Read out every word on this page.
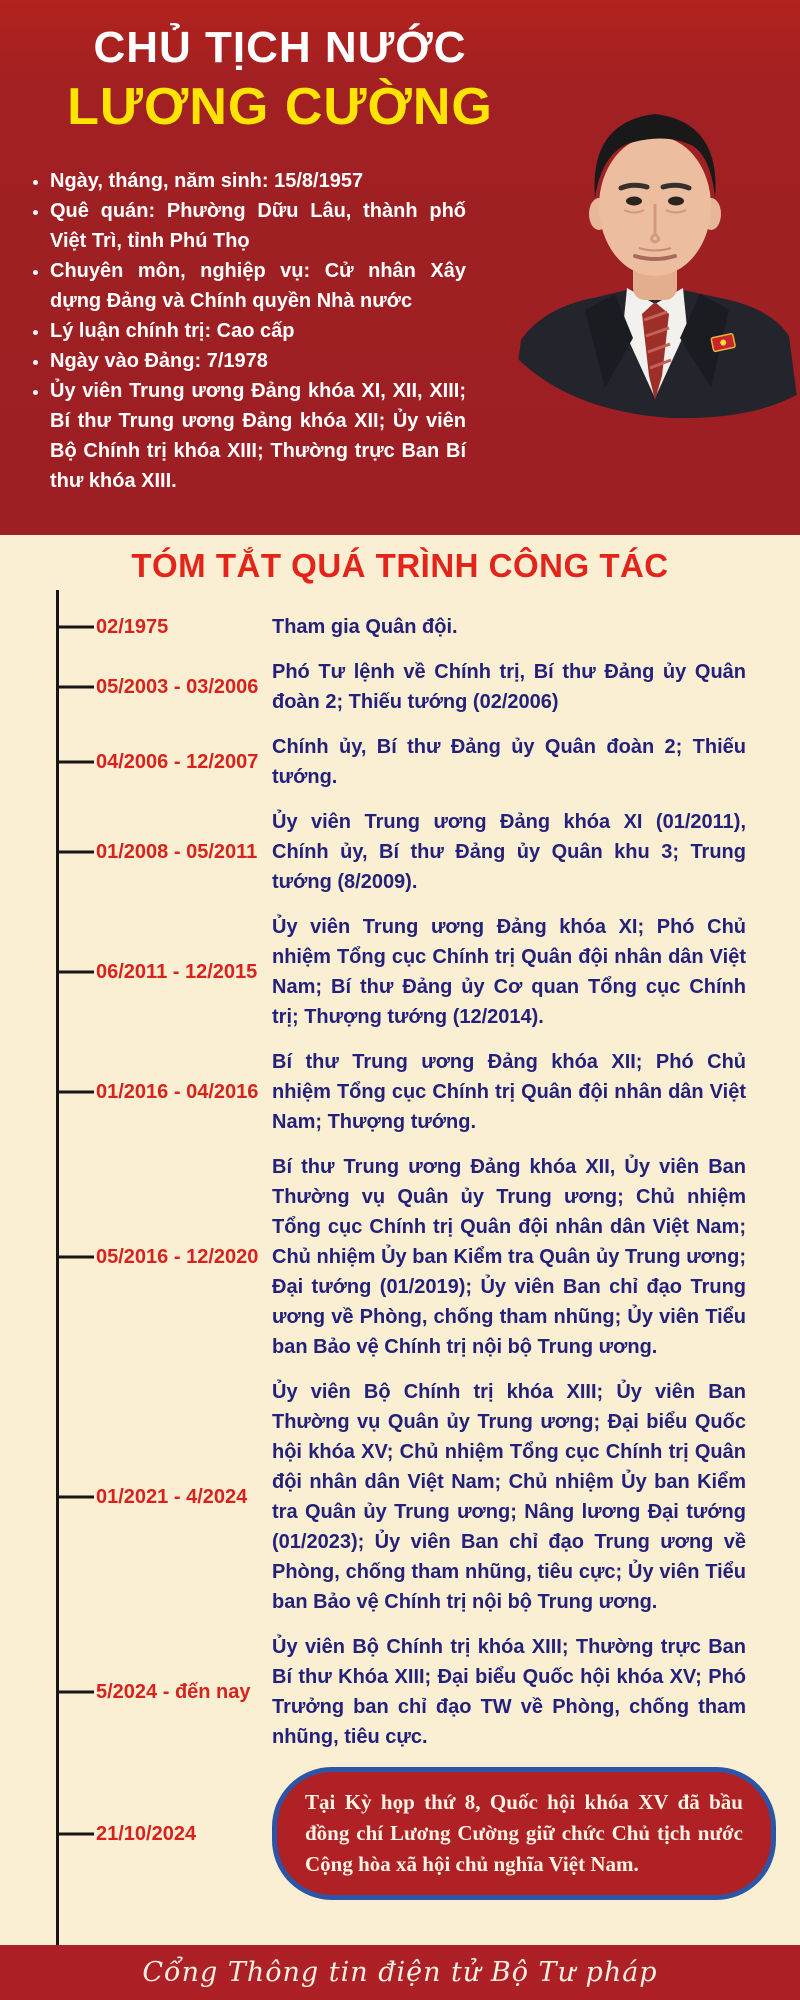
CHỦ TỊCH NƯỚC
LƯƠNG CƯỜNG
• Ngày, tháng, năm sinh: 15/8/1957
• Quê quán: Phường Dữu Lâu, thành phố Việt Trì, tỉnh Phú Thọ
• Chuyên môn, nghiệp vụ: Cử nhân Xây dựng Đảng và Chính quyền Nhà nước
• Lý luận chính trị: Cao cấp
• Ngày vào Đảng: 7/1978
• Ủy viên Trung ương Đảng khóa XI, XII, XIII; Bí thư Trung ương Đảng khóa XII; Ủy viên Bộ Chính trị khóa XIII; Thường trực Ban Bí thư khóa XIII.
TÓM TẮT QUÁ TRÌNH CÔNG TÁC
02/1975	Tham gia Quân đội.
05/2003 - 03/2006
Phó Tư lệnh về Chính trị, Bí thư Đảng ủy Quân đoàn 2; Thiếu tướng (02/2006)
04/2006 - 12/2007
Chính ủy, Bí thư Đảng ủy Quân đoàn 2; Thiếu tướng.
01/2008 - 05/2011
Ủy viên Trung ương Đảng khóa XI (01/2011), Chính ủy, Bí thư Đảng ủy Quân khu 3; Trung tướng (8/2009).
06/2011 - 12/2015
Ủy viên Trung ương Đảng khóa XI; Phó Chủ nhiệm Tổng cục Chính trị Quân đội nhân dân Việt Nam; Bí thư Đảng ủy Cơ quan Tổng cục Chính trị; Thượng tướng (12/2014).
01/2016 - 04/2016
Bí thư Trung ương Đảng khóa XII; Phó Chủ nhiệm Tổng cục Chính trị Quân đội nhân dân Việt Nam; Thượng tướng.
05/2016 - 12/2020
Bí thư Trung ương Đảng khóa XII, Ủy viên Ban Thường vụ Quân ủy Trung ương; Chủ nhiệm Tổng cục Chính trị Quân đội nhân dân Việt Nam; Chủ nhiệm Ủy ban Kiểm tra Quân ủy Trung ương; Đại tướng (01/2019); Ủy viên Ban chỉ đạo Trung ương về Phòng, chống tham nhũng; Ủy viên Tiểu ban Bảo vệ Chính trị nội bộ Trung ương.
01/2021 - 4/2024
Ủy viên Bộ Chính trị khóa XIII; Ủy viên Ban Thường vụ Quân ủy Trung ương; Đại biểu Quốc hội khóa XV; Chủ nhiệm Tổng cục Chính trị Quân đội nhân dân Việt Nam; Chủ nhiệm Ủy ban Kiểm tra Quân ủy Trung ương; Nâng lương Đại tướng (01/2023); Ủy viên Ban chỉ đạo Trung ương về Phòng, chống tham nhũng, tiêu cực; Ủy viên Tiểu ban Bảo vệ Chính trị nội bộ Trung ương.
5/2024 - đến nay
Ủy viên Bộ Chính trị khóa XIII; Thường trực Ban Bí thư Khóa XIII; Đại biểu Quốc hội khóa XV; Phó Trưởng ban chỉ đạo TW về Phòng, chống tham nhũng, tiêu cực.
21/10/2024
Tại Kỳ họp thứ 8, Quốc hội khóa XV đã bầu đồng chí Lương Cường giữ chức Chủ tịch nước Cộng hòa xã hội chủ nghĩa Việt Nam.
Cổng Thông tin điện tử Bộ Tư pháp
